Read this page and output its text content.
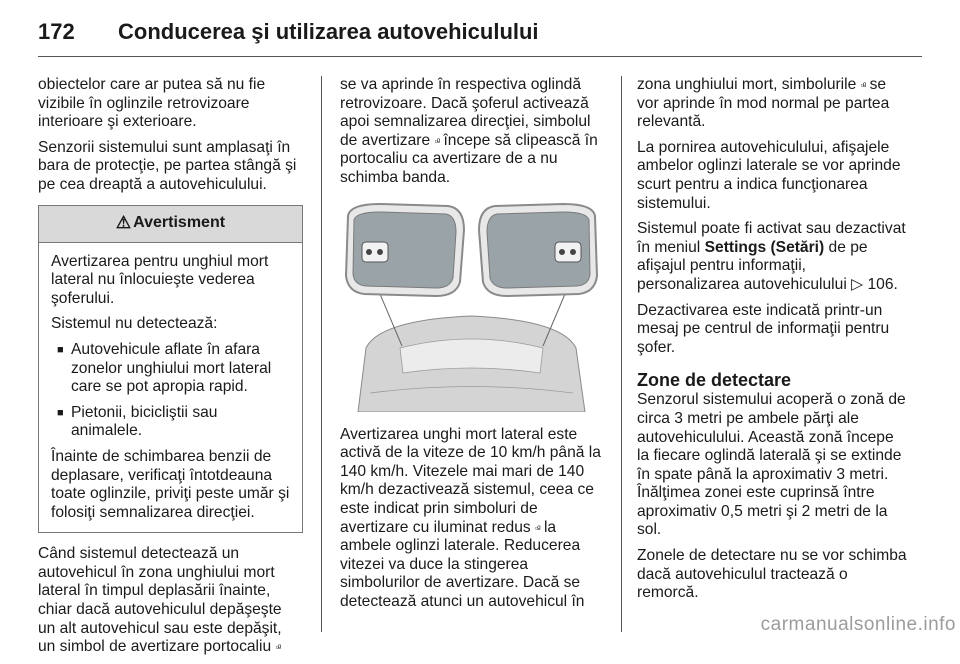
172	Conducerea şi utilizarea autovehiculului

obiectelor care ar putea să nu fie vizibile în oglinzile retrovizoare interioare şi exterioare.

Senzorii sistemului sunt amplasaţi în bara de protecţie, pe partea stângă şi pe cea dreaptă a autovehiculului.

⚠ Avertisment

Avertizarea pentru unghiul mort lateral nu înlocuieşte vederea şoferului.

Sistemul nu detectează:

■ Autovehicule aflate în afara zonelor unghiului mort lateral care se pot apropia rapid.
■ Pietonii, bicicliştii sau animalele.

Înainte de schimbarea benzii de deplasare, verificaţi întotdeauna toate oglinzile, priviţi peste umăr şi folosiţi semnalizarea direcţiei.

Când sistemul detectează un autovehicul în zona unghiului mort lateral în timpul deplasării înainte, chiar dacă autovehiculul depăşeşte un alt autovehicul sau este depăşit, un simbol de avertizare portocaliu $^{▫ᵍ}$

se va aprinde în respectiva oglindă retrovizoare. Dacă şoferul activează apoi semnalizarea direcţiei, simbolul de avertizare $^{▫ᵍ}$ începe să clipească în portocaliu ca avertizare de a nu schimba banda.

Avertizarea unghi mort lateral este activă de la viteze de 10 km/h până la 140 km/h. Vitezele mai mari de 140 km/h dezactivează sistemul, ceea ce este indicat prin simboluri de avertizare cu iluminat redus $^{▫ᵍ}$ la ambele oglinzi laterale. Reducerea vitezei va duce la stingerea simbolurilor de avertizare. Dacă se detectează atunci un autovehicul în

zona unghiului mort, simbolurile $^{▫ᵍ}$ se vor aprinde în mod normal pe partea relevantă.

La pornirea autovehiculului, afişajele ambelor oglinzi laterale se vor aprinde scurt pentru a indica funcţionarea sistemului.

Sistemul poate fi activat sau dezactivat în meniul Settings (Setări) de pe afişajul pentru informaţii, personalizarea autovehiculului ▷ 106.

Dezactivarea este indicată printr-un mesaj pe centrul de informaţii pentru şofer.

Zone de detectare

Senzorul sistemului acoperă o zonă de circa 3 metri pe ambele părţi ale autovehiculului. Această zonă începe la fiecare oglindă laterală şi se extinde în spate până la aproximativ 3 metri. Înălţimea zonei este cuprinsă între aproximativ 0,5 metri şi 2 metri de la sol.

Zonele de detectare nu se vor schimba dacă autovehiculul tractează o remorcă.

carmanualsonline.info
